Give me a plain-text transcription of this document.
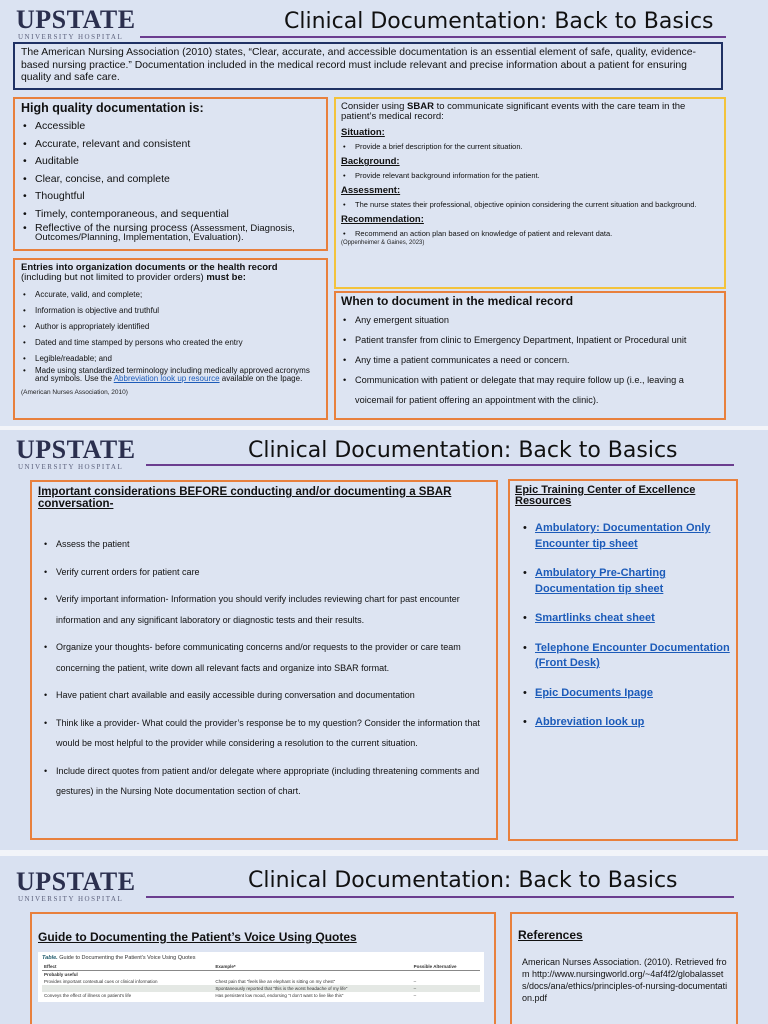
UPSTATE
UNIVERSITY HOSPITAL
Clinical Documentation: Back to Basics
The American Nursing Association (2010) states, “Clear, accurate, and accessible documentation is an essential element of safe, quality, evidence-based nursing practice.” Documentation included in the medical record must include relevant and precise information about a patient for ensuring quality and safe care.
High quality documentation is:
• Accessible
• Accurate, relevant and consistent
• Auditable
• Clear, concise, and complete
• Thoughtful
• Timely, contemporaneous, and sequential
• Reflective of the nursing process (Assessment, Diagnosis, Outcomes/Planning, Implementation, Evaluation).
Entries into organization documents or the health record
(including but not limited to provider orders) must be:
• Accurate, valid, and complete;
• Information is objective and truthful
• Author is appropriately identified
• Dated and time stamped by persons who created the entry
• Legible/readable; and
• Made using standardized terminology including medically approved acronyms and symbols. Use the Abbreviation look up resource available on the Ipage.
(American Nurses Association, 2010)
Consider using SBAR to communicate significant events with the care team in the patient’s medical record:
Situation:
• Provide a brief description for the current situation.
Background:
• Provide relevant background information for the patient.
Assessment:
• The nurse states their professional, objective opinion considering the current situation and background.
Recommendation:
• Recommend an action plan based on knowledge of patient and relevant data.
(Oppenheimer & Gaines, 2023)
When to document in the medical record
• Any emergent situation
• Patient transfer from clinic to Emergency Department, Inpatient or Procedural unit
• Any time a patient communicates a need or concern.
• Communication with patient or delegate that may require follow up (i.e., leaving a voicemail for patient offering an appointment with the clinic).
UPSTATE
UNIVERSITY HOSPITAL
Clinical Documentation: Back to Basics
Important considerations BEFORE conducting and/or documenting a SBAR conversation-
• Assess the patient
• Verify current orders for patient care
• Verify important information- Information you should verify includes reviewing chart for past encounter information and any significant laboratory or diagnostic tests and their results.
• Organize your thoughts- before communicating concerns and/or requests to the provider or care team concerning the patient, write down all relevant facts and organize into SBAR format.
• Have patient chart available and easily accessible during conversation and documentation
• Think like a provider- What could the provider’s response be to my question? Consider the information that would be most helpful to the provider while considering a resolution to the current situation.
• Include direct quotes from patient and/or delegate where appropriate (including threatening comments and gestures) in the Nursing Note documentation section of chart.
Epic Training Center of Excellence Resources
• Ambulatory: Documentation Only Encounter tip sheet
• Ambulatory Pre-Charting Documentation tip sheet
• Smartlinks cheat sheet
• Telephone Encounter Documentation (Front Desk)
• Epic Documents Ipage
• Abbreviation look up
UPSTATE
UNIVERSITY HOSPITAL
Clinical Documentation: Back to Basics
Guide to Documenting the Patient’s Voice Using Quotes
Table. Guide to Documenting the Patient’s Voice Using Quotes
Effect	Example*	Possible Alternative
Probably useful		
Provides important contextual cues or clinical information	Chest pain that “feels like an elephant is sitting on my chest”	–
	Spontaneously reported that “this is the worst headache of my life”	–
Conveys the effect of illness on patient’s life	Has persistent low mood, endorsing “I don’t want to live like this”	–
References
American Nurses Association. (2010). Retrieved from http://www.nursingworld.org/~4af4f2/globalassets/docs/ana/ethics/principles-of-nursing-documentation.pdf
